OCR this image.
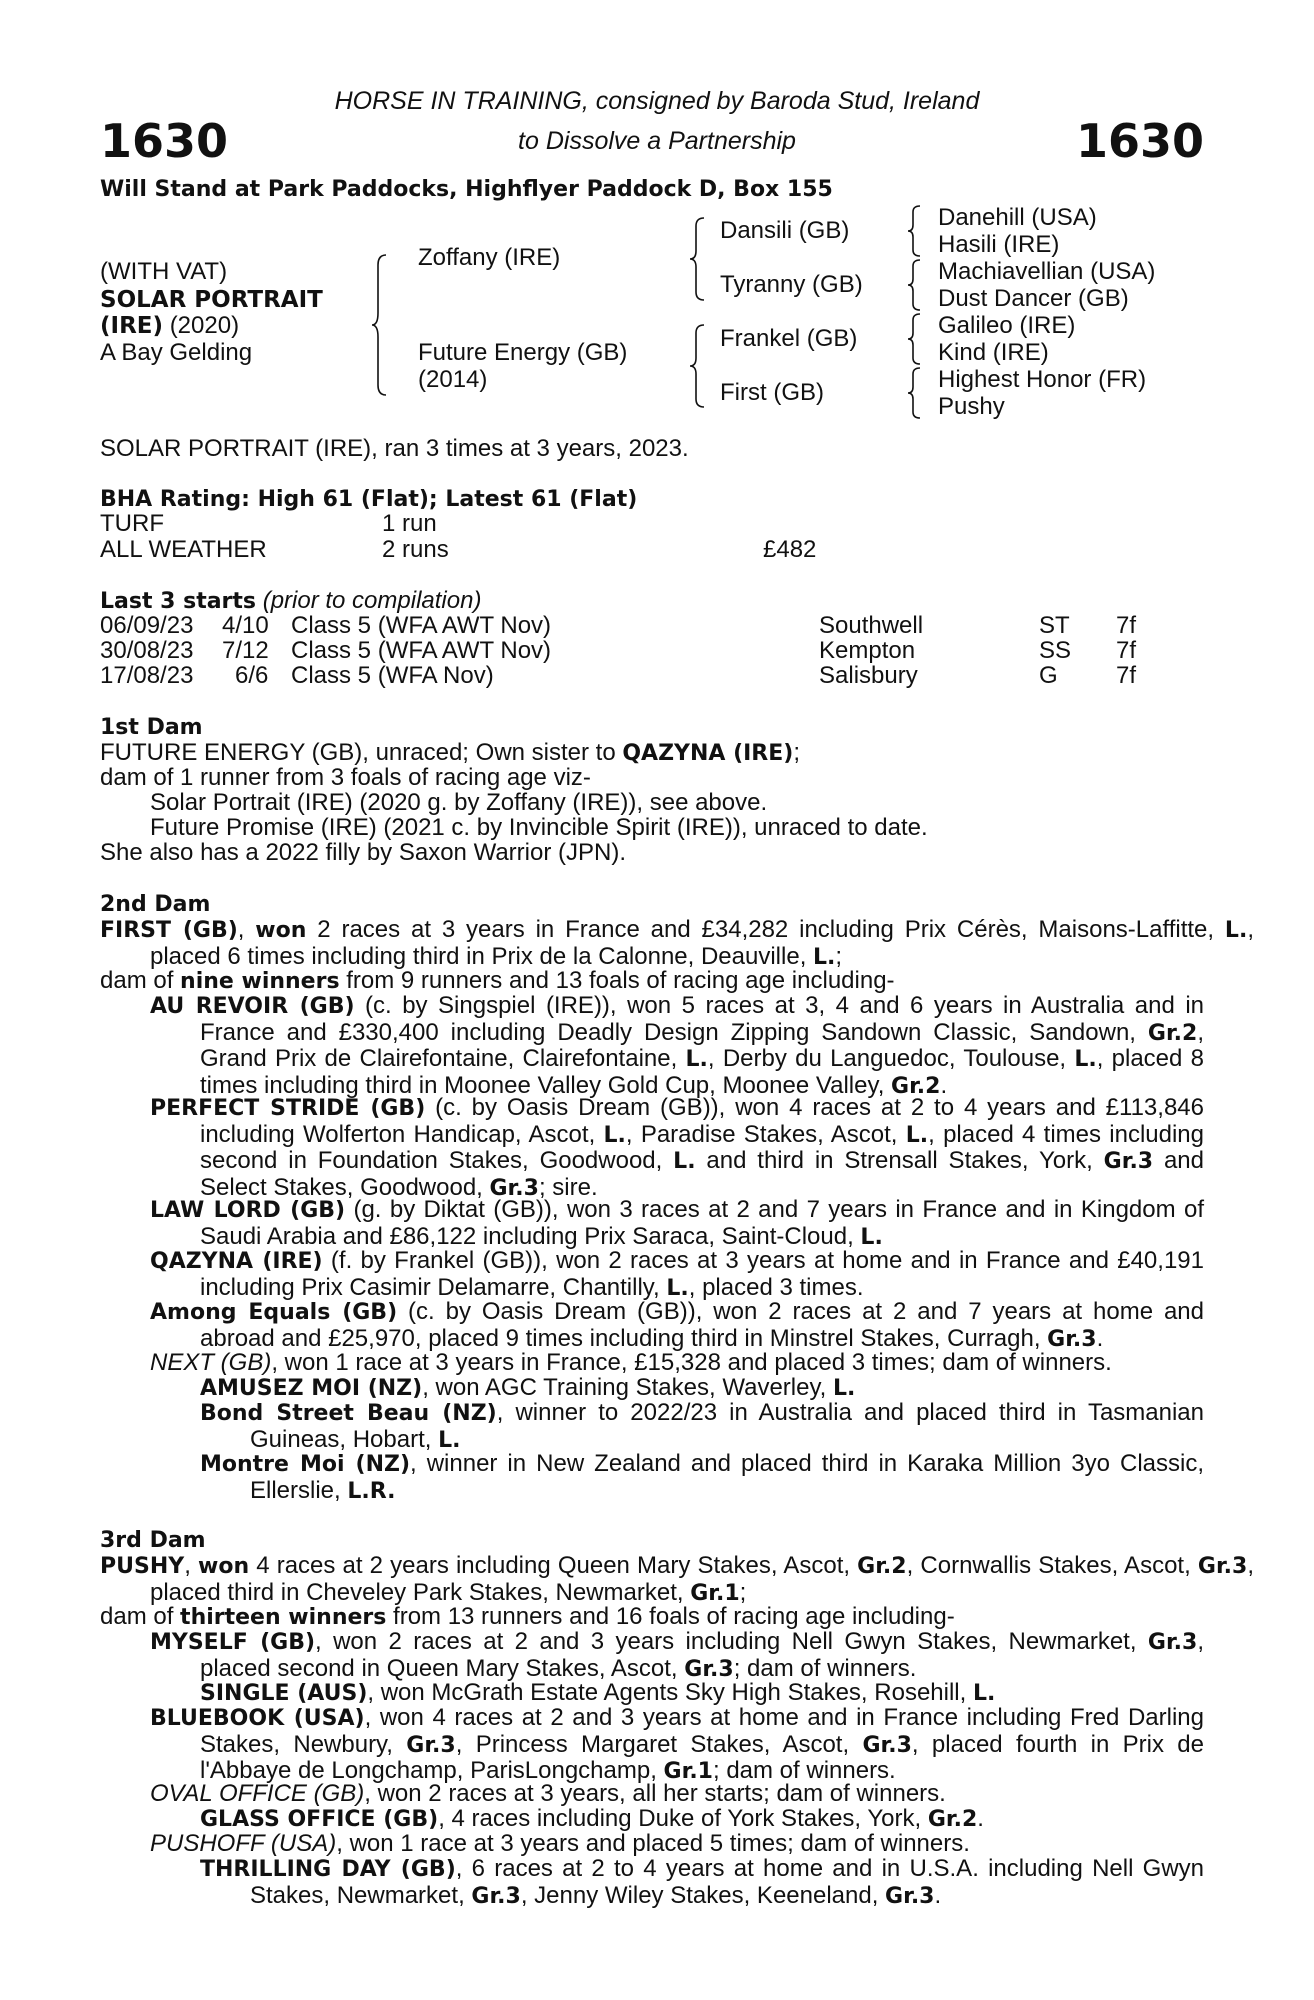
1630	1630
HORSE IN TRAINING, consigned by Baroda Stud, Ireland
to Dissolve a Partnership
Will Stand at Park Paddocks, Highflyer Paddock D, Box 155
(WITH VAT)
SOLAR PORTRAIT
(IRE) (2020)
A Bay Gelding
Zoffany (IRE)
Future Energy (GB)
(2014)
Dansili (GB)
Tyranny (GB)
Frankel (GB)
First (GB)
Danehill (USA)
Hasili (IRE)
Machiavellian (USA)
Dust Dancer (GB)
Galileo (IRE)
Kind (IRE)
Highest Honor (FR)
Pushy
SOLAR PORTRAIT (IRE), ran 3 times at 3 years, 2023.
BHA Rating: High 61 (Flat); Latest 61 (Flat)
TURF	1 run
ALL WEATHER	2 runs	£482
Last 3 starts (prior to compilation)
06/09/23 4/10 Class 5 (WFA AWT Nov)	Southwell	ST 7f
30/08/23 7/12 Class 5 (WFA AWT Nov)	Kempton	SS 7f
17/08/23 6/6 Class 5 (WFA Nov)	Salisbury	G 7f
1st Dam
FUTURE ENERGY (GB), unraced; Own sister to QAZYNA (IRE);
dam of 1 runner from 3 foals of racing age viz-
Solar Portrait (IRE) (2020 g. by Zoffany (IRE)), see above.
Future Promise (IRE) (2021 c. by Invincible Spirit (IRE)), unraced to date.
She also has a 2022 filly by Saxon Warrior (JPN).
2nd Dam
FIRST (GB), won 2 races at 3 years in France and £34,282 including Prix Cérès, Maisons-Laffitte, L., placed 6 times including third in Prix de la Calonne, Deauville, L.;
dam of nine winners from 9 runners and 13 foals of racing age including-
AU REVOIR (GB) (c. by Singspiel (IRE)), won 5 races at 3, 4 and 6 years in Australia and in France and £330,400 including Deadly Design Zipping Sandown Classic, Sandown, Gr.2, Grand Prix de Clairefontaine, Clairefontaine, L., Derby du Languedoc, Toulouse, L., placed 8 times including third in Moonee Valley Gold Cup, Moonee Valley, Gr.2.
PERFECT STRIDE (GB) (c. by Oasis Dream (GB)), won 4 races at 2 to 4 years and £113,846 including Wolferton Handicap, Ascot, L., Paradise Stakes, Ascot, L., placed 4 times including second in Foundation Stakes, Goodwood, L. and third in Strensall Stakes, York, Gr.3 and Select Stakes, Goodwood, Gr.3; sire.
LAW LORD (GB) (g. by Diktat (GB)), won 3 races at 2 and 7 years in France and in Kingdom of Saudi Arabia and £86,122 including Prix Saraca, Saint-Cloud, L.
QAZYNA (IRE) (f. by Frankel (GB)), won 2 races at 3 years at home and in France and £40,191 including Prix Casimir Delamarre, Chantilly, L., placed 3 times.
Among Equals (GB) (c. by Oasis Dream (GB)), won 2 races at 2 and 7 years at home and abroad and £25,970, placed 9 times including third in Minstrel Stakes, Curragh, Gr.3.
NEXT (GB), won 1 race at 3 years in France, £15,328 and placed 3 times; dam of winners.
AMUSEZ MOI (NZ), won AGC Training Stakes, Waverley, L.
Bond Street Beau (NZ), winner to 2022/23 in Australia and placed third in Tasmanian Guineas, Hobart, L.
Montre Moi (NZ), winner in New Zealand and placed third in Karaka Million 3yo Classic, Ellerslie, L.R.
3rd Dam
PUSHY, won 4 races at 2 years including Queen Mary Stakes, Ascot, Gr.2, Cornwallis Stakes, Ascot, Gr.3, placed third in Cheveley Park Stakes, Newmarket, Gr.1;
dam of thirteen winners from 13 runners and 16 foals of racing age including-
MYSELF (GB), won 2 races at 2 and 3 years including Nell Gwyn Stakes, Newmarket, Gr.3, placed second in Queen Mary Stakes, Ascot, Gr.3; dam of winners.
SINGLE (AUS), won McGrath Estate Agents Sky High Stakes, Rosehill, L.
BLUEBOOK (USA), won 4 races at 2 and 3 years at home and in France including Fred Darling Stakes, Newbury, Gr.3, Princess Margaret Stakes, Ascot, Gr.3, placed fourth in Prix de l'Abbaye de Longchamp, ParisLongchamp, Gr.1; dam of winners.
OVAL OFFICE (GB), won 2 races at 3 years, all her starts; dam of winners.
GLASS OFFICE (GB), 4 races including Duke of York Stakes, York, Gr.2.
PUSHOFF (USA), won 1 race at 3 years and placed 5 times; dam of winners.
THRILLING DAY (GB), 6 races at 2 to 4 years at home and in U.S.A. including Nell Gwyn Stakes, Newmarket, Gr.3, Jenny Wiley Stakes, Keeneland, Gr.3.
